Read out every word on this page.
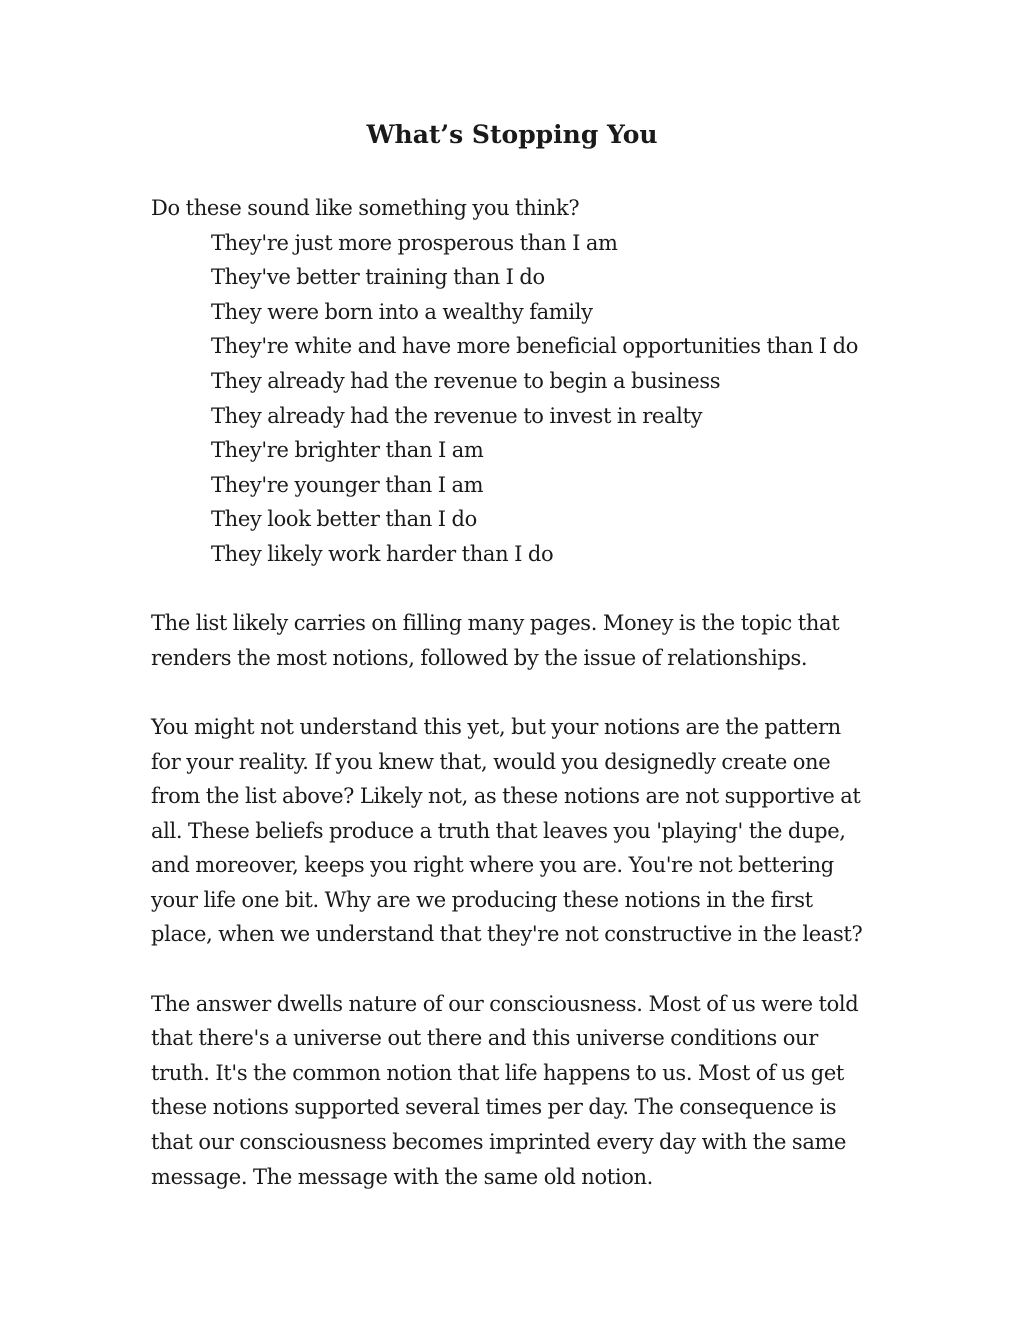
What’s Stopping You
Do these sound like something you think?
They're just more prosperous than I am
They've better training than I do
They were born into a wealthy family
They're white and have more beneficial opportunities than I do
They already had the revenue to begin a business
They already had the revenue to invest in realty
They're brighter than I am
They're younger than I am
They look better than I do
They likely work harder than I do
The list likely carries on filling many pages. Money is the topic that
renders the most notions, followed by the issue of relationships.
You might not understand this yet, but your notions are the pattern
for your reality. If you knew that, would you designedly create one
from the list above? Likely not, as these notions are not supportive at
all. These beliefs produce a truth that leaves you 'playing' the dupe,
and moreover, keeps you right where you are. You're not bettering
your life one bit. Why are we producing these notions in the first
place, when we understand that they're not constructive in the least?
The answer dwells nature of our consciousness. Most of us were told
that there's a universe out there and this universe conditions our
truth. It's the common notion that life happens to us. Most of us get
these notions supported several times per day. The consequence is
that our consciousness becomes imprinted every day with the same
message. The message with the same old notion.
